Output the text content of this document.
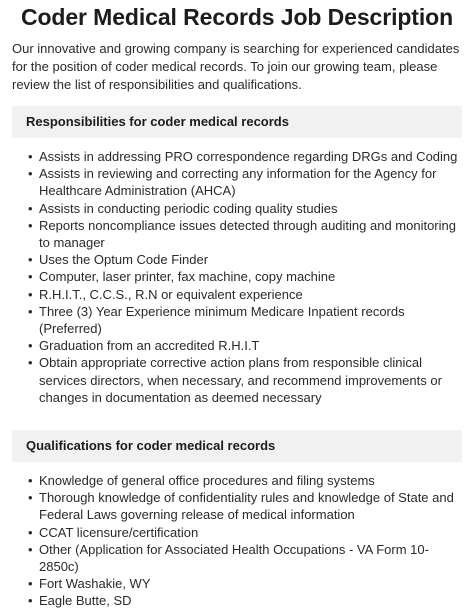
Coder Medical Records Job Description

Our innovative and growing company is searching for experienced candidates for the position of coder medical records. To join our growing team, please review the list of responsibilities and qualifications.

Responsibilities for coder medical records
• Assists in addressing PRO correspondence regarding DRGs and Coding
• Assists in reviewing and correcting any information for the Agency for Healthcare Administration (AHCA)
• Assists in conducting periodic coding quality studies
• Reports noncompliance issues detected through auditing and monitoring to manager
• Uses the Optum Code Finder
• Computer, laser printer, fax machine, copy machine
• R.H.I.T., C.C.S., R.N or equivalent experience
• Three (3) Year Experience minimum Medicare Inpatient records (Preferred)
• Graduation from an accredited R.H.I.T
• Obtain appropriate corrective action plans from responsible clinical services directors, when necessary, and recommend improvements or changes in documentation as deemed necessary
Qualifications for coder medical records
• Knowledge of general office procedures and filing systems
• Thorough knowledge of confidentiality rules and knowledge of State and Federal Laws governing release of medical information
• CCAT licensure/certification
• Other (Application for Associated Health Occupations - VA Form 10-2850c)
• Fort Washakie, WY
• Eagle Butte, SD
